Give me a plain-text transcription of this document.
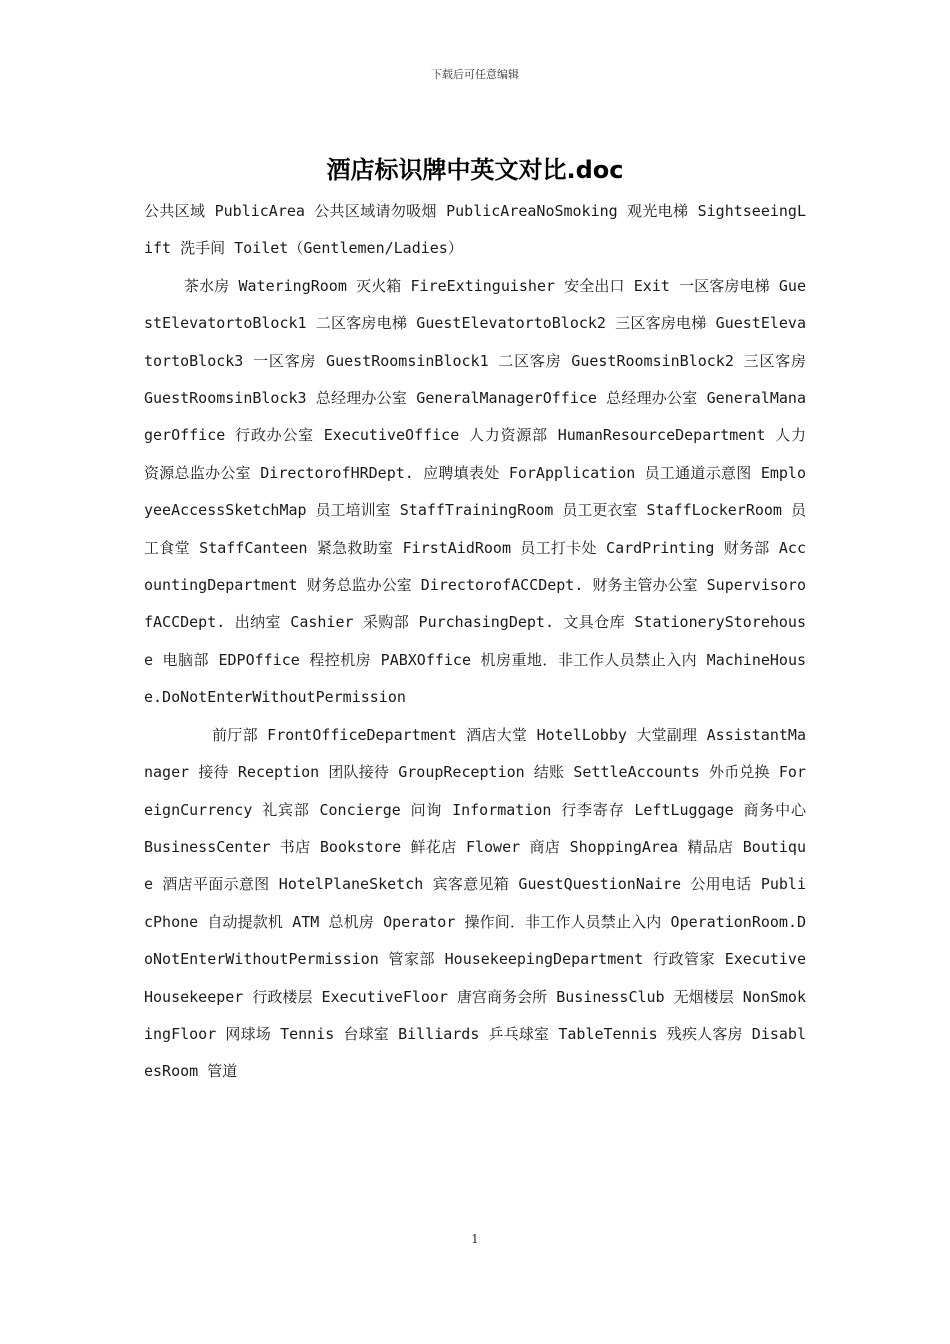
下载后可任意编辑
酒店标识牌中英文对比.doc

公共区域 PublicArea 公共区域请勿吸烟 PublicAreaNoSmoking 观光电梯 SightseeingLift 洗手间 Toilet（Gentlemen/Ladies）

茶水房 WateringRoom 灭火箱 FireExtinguisher 安全出口 Exit 一区客房电梯 GuestElevatortoBlock1 二区客房电梯 GuestElevatortoBlock2 三区客房电梯 GuestElevatortoBlock3 一区客房 GuestRoomsinBlock1 二区客房 GuestRoomsinBlock2 三区客房 GuestRoomsinBlock3 总经理办公室 GeneralManagerOffice 总经理办公室 GeneralManagerOffice 行政办公室 ExecutiveOffice 人力资源部 HumanResourceDepartment 人力资源总监办公室 DirectorofHRDept. 应聘填表处 ForApplication 员工通道示意图 EmployeeAccessSketchMap 员工培训室 StaffTrainingRoom 员工更衣室 StaffLockerRoom 员工食堂 StaffCanteen 紧急救助室 FirstAidRoom 员工打卡处 CardPrinting 财务部 AccountingDepartment 财务总监办公室 DirectorofACCDept. 财务主管办公室 SupervisorofACCDept. 出纳室 Cashier 采购部 PurchasingDept. 文具仓库 StationeryStorehouse 电脑部 EDPOffice 程控机房 PABXOffice 机房重地．非工作人员禁止入内 MachineHouse.DoNotEnterWithoutPermission

前厅部 FrontOfficeDepartment 酒店大堂 HotelLobby 大堂副理 AssistantManager 接待 Reception 团队接待 GroupReception 结账 SettleAccounts 外币兑换 ForeignCurrency 礼宾部 Concierge 问询 Information 行李寄存 LeftLuggage 商务中心 BusinessCenter 书店 Bookstore 鲜花店 Flower 商店 ShoppingArea 精品店 Boutique 酒店平面示意图 HotelPlaneSketch 宾客意见箱 GuestQuestionNaire 公用电话 PublicPhone 自动提款机 ATM 总机房 Operator 操作间．非工作人员禁止入内 OperationRoom.DoNotEnterWithoutPermission 管家部 HousekeepingDepartment 行政管家 ExecutiveHousekeeper 行政楼层 ExecutiveFloor 唐宫商务会所 BusinessClub 无烟楼层 NonSmokingFloor 网球场 Tennis 台球室 Billiards 乒乓球室 TableTennis 残疾人客房 DisablesRoom 管道

1
